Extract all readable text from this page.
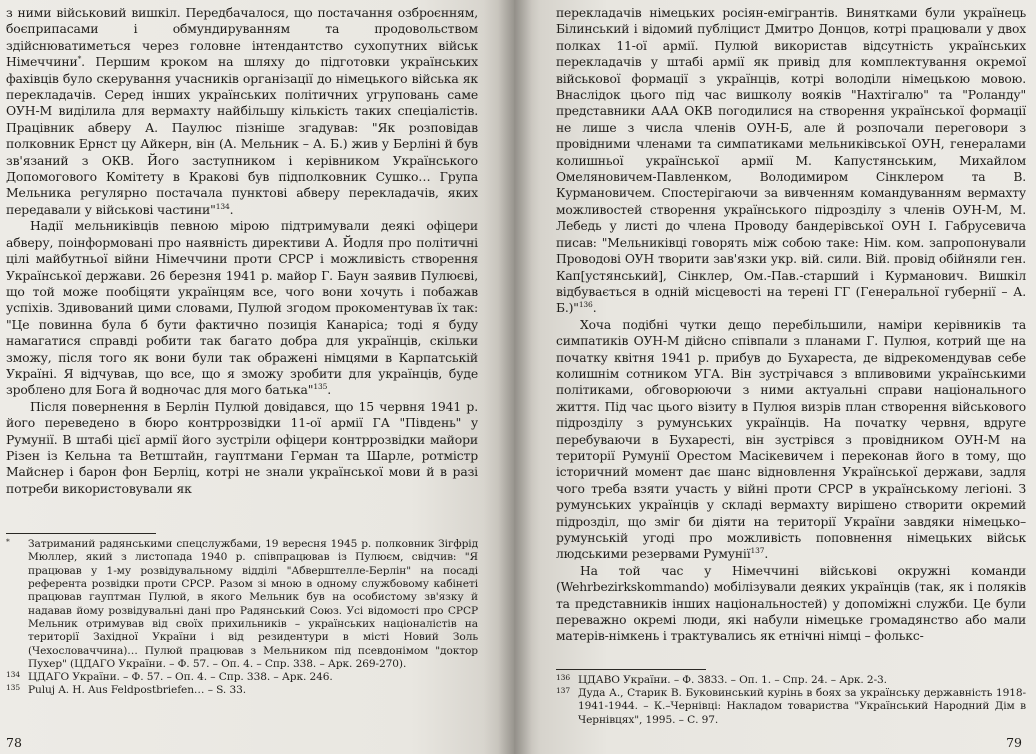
з ними військовий вишкіл. Передбачалося, що постачання озброєнням, боєприпасами і обмундируванням та продовольством здійснюватиметься через головне інтендантство сухопутних військ Німеччини*. Першим кроком на шляху до підготовки українських фахівців було скерування учасників організації до німецького війська як перекладачів. Серед інших українських політичних угруповань саме ОУН-М виділила для вермахту найбільшу кількість таких спеціалістів. Працівник абверу А. Паулюс пізніше згадував: "Як розповідав полковник Ернст цу Айкерн, він (А. Мельник – А. Б.) жив у Берліні й був зв'язаний з ОКВ. Його заступником і керівником Українського Допомогового Комітету в Кракові був підполковник Сушко… Група Мельника регулярно постачала пунктові абверу перекладачів, яких передавали у військові частини"$^{134}$.

Надії мельниківців певною мірою підтримували деякі офіцери абверу, поінформовані про наявність директиви А. Йодля про політичні цілі майбутньої війни Німеччини проти СРСР і можливість створення Української держави. 26 березня 1941 р. майор Г. Баун заявив Пулюєві, що той може пообіцяти українцям все, чого вони хочуть і побажав успіхів. Здивований цими словами, Пулюй згодом прокоментував їх так: "Це повинна була б бути фактично позиція Канаріса; тоді я буду намагатися справді робити так багато добра для українців, скільки зможу, після того як вони були так ображені німцями в Карпатській Україні. Я відчував, що все, що я зможу зробити для українців, буде зроблено для Бога й водночас для мого батька"$^{135}$.

Після повернення в Берлін Пулюй довідався, що 15 червня 1941 р. його переведено в бюро контррозвідки 11-ої армії ГА "Південь" у Румунії. В штабі цієї армії його зустріли офіцери контррозвідки майори Різен із Кельна та Ветштайн, гауптмани Герман та Шарле, ротмістр Майснер і барон фон Берліц, котрі не знали української мови й в разі потреби використовували як

* Затриманий радянськими спецслужбами, 19 вересня 1945 р. полковник Зігфрід Мюллер, який з листопада 1940 р. співпрацював із Пулюєм, свідчив: "Я працював у 1-му розвідувальному відділі "Абверштелле-Берлін" на посаді референта розвідки проти СРСР. Разом зі мною в одному службовому кабінеті працював гауптман Пулюй, в якого Мельник був на особистому зв'язку й надавав йому розвідувальні дані про Радянський Союз. Усі відомості про СРСР Мельник отримував від своїх прихильників – українських націоналістів на території Західної України і від резидентури в місті Новий Золь (Чехословаччина)… Пулюй працював з Мельником під псевдонімом "доктор Пухер" (ЦДАГО України. – Ф. 57. – Оп. 4. – Спр. 338. – Арк. 269-270).

134 ЦДАГО України. – Ф. 57. – Оп. 4. – Спр. 338. – Арк. 246.

135 Puluj A. H. Aus Feldpostbriefen… – S. 33.

78

перекладачів німецьких росіян-емігрантів. Винятками були українець Білинський і відомий публіцист Дмитро Донцов, котрі працювали у двох полках 11-ої армії. Пулюй використав відсутність українських перекладачів у штабі армії як привід для комплектування окремої військової формації з українців, котрі володіли німецькою мовою. Внаслідок цього під час вишколу вояків "Нахтігалю" та "Роланду" представники ААА ОКВ погодилися на створення української формації не лише з числа членів ОУН-Б, але й розпочали переговори з провідними членами та симпатиками мельниківської ОУН, генералами колишньої української армії М. Капустянським, Михайлом Омеляновичем-Павленком, Володимиром Сінклером та В. Курмановичем. Спостерігаючи за вивченням командуванням вермахту можливостей створення українського підрозділу з членів ОУН-М, М. Лебедь у листі до члена Проводу бандерівської ОУН І. Габрусевича писав: "Мельниківці говорять між собою таке: Нім. ком. запропонували Проводові ОУН творити зав'язки укр. вій. сили. Вій. провід обійняли ген. Кап[устянський], Сінклер, Ом.-Пав.-старший і Курманович. Вишкіл відбувається в одній місцевості на терені ГГ (Генеральної губернії – А. Б.)"$^{136}$.

Хоча подібні чутки дещо перебільшили, наміри керівників та симпатиків ОУН-М дійсно співпали з планами Г. Пулюя, котрий ще на початку квітня 1941 р. прибув до Бухареста, де відрекомендував себе колишнім сотником УГА. Він зустрічався з впливовими українськими політиками, обговорюючи з ними актуальні справи національного життя. Під час цього візиту в Пулюя визрів план створення військового підрозділу з румунських українців. На початку червня, вдруге перебуваючи в Бухаресті, він зустрівся з провідником ОУН-М на території Румунії Орестом Масікевичем і переконав його в тому, що історичний момент дає шанс відновлення Української держави, задля чого треба взяти участь у війні проти СРСР в українському легіоні. З румунських українців у складі вермахту вирішено створити окремий підрозділ, що зміг би діяти на території України завдяки німецько–румунській угоді про можливість поповнення німецьких військ людськими резервами Румунії$^{137}$.

На той час у Німеччині військові окружні команди (Wehrbezirkskommando) мобілізували деяких українців (так, як і поляків та представників інших національностей) у допоміжні служби. Це були переважно окремі люди, які набули німецьке громадянство або мали матерів-німкень і трактувались як етнічні німці – фолькс-

136 ЦДАВО України. – Ф. 3833. – Оп. 1. – Спр. 24. – Арк. 2-3.

137 Дуда А., Старик В. Буковинський курінь в боях за українську державність 1918-1941-1944. – К.–Чернівці: Накладом товариства "Український Народний Дім в Чернівцях", 1995. – С. 97.

79
